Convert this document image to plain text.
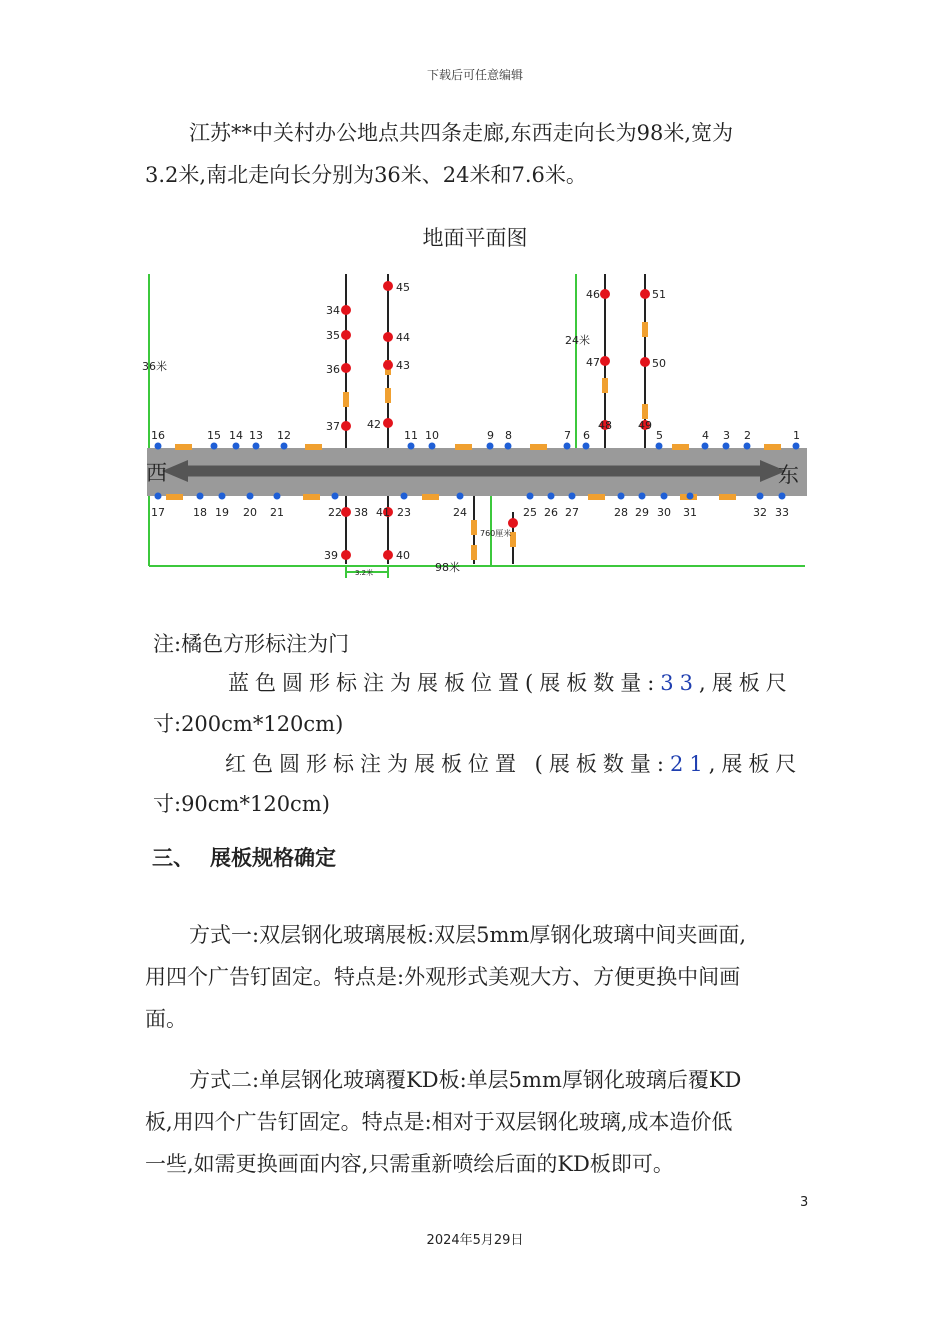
下载后可任意编辑
江苏**中关村办公地点共四条走廊,东西走向长为98米,宽为
3.2米,南北走向长分别为36米、24米和7.6米。
地面平面图
西	东
1
2
3
4
5
6
7
8
9
10
11
12
13
14
15
16
17	18 19 20 21	22	23	24	25 26 27	28 29 30 31	32 33
34
35
36
37
38
39	40
41
42
43
44
45
46
47
48 49
50
51
36米
24米
760厘米
3.2米	98米
注:橘色方形标注为门
蓝色圆形标注为展板位置(展板数量:33,展板尺
寸:200cm*120cm)
红色圆形标注为展板位置 (展板数量:21,展板尺
寸:90cm*120cm)
三、 展板规格确定
方式一:双层钢化玻璃展板:双层5mm厚钢化玻璃中间夹画面,
用四个广告钉固定。特点是:外观形式美观大方、方便更换中间画
面。
方式二:单层钢化玻璃覆KD板:单层5mm厚钢化玻璃后覆KD
板,用四个广告钉固定。特点是:相对于双层钢化玻璃,成本造价低
一些,如需更换画面内容,只需重新喷绘后面的KD板即可。
3
2024年5月29日
